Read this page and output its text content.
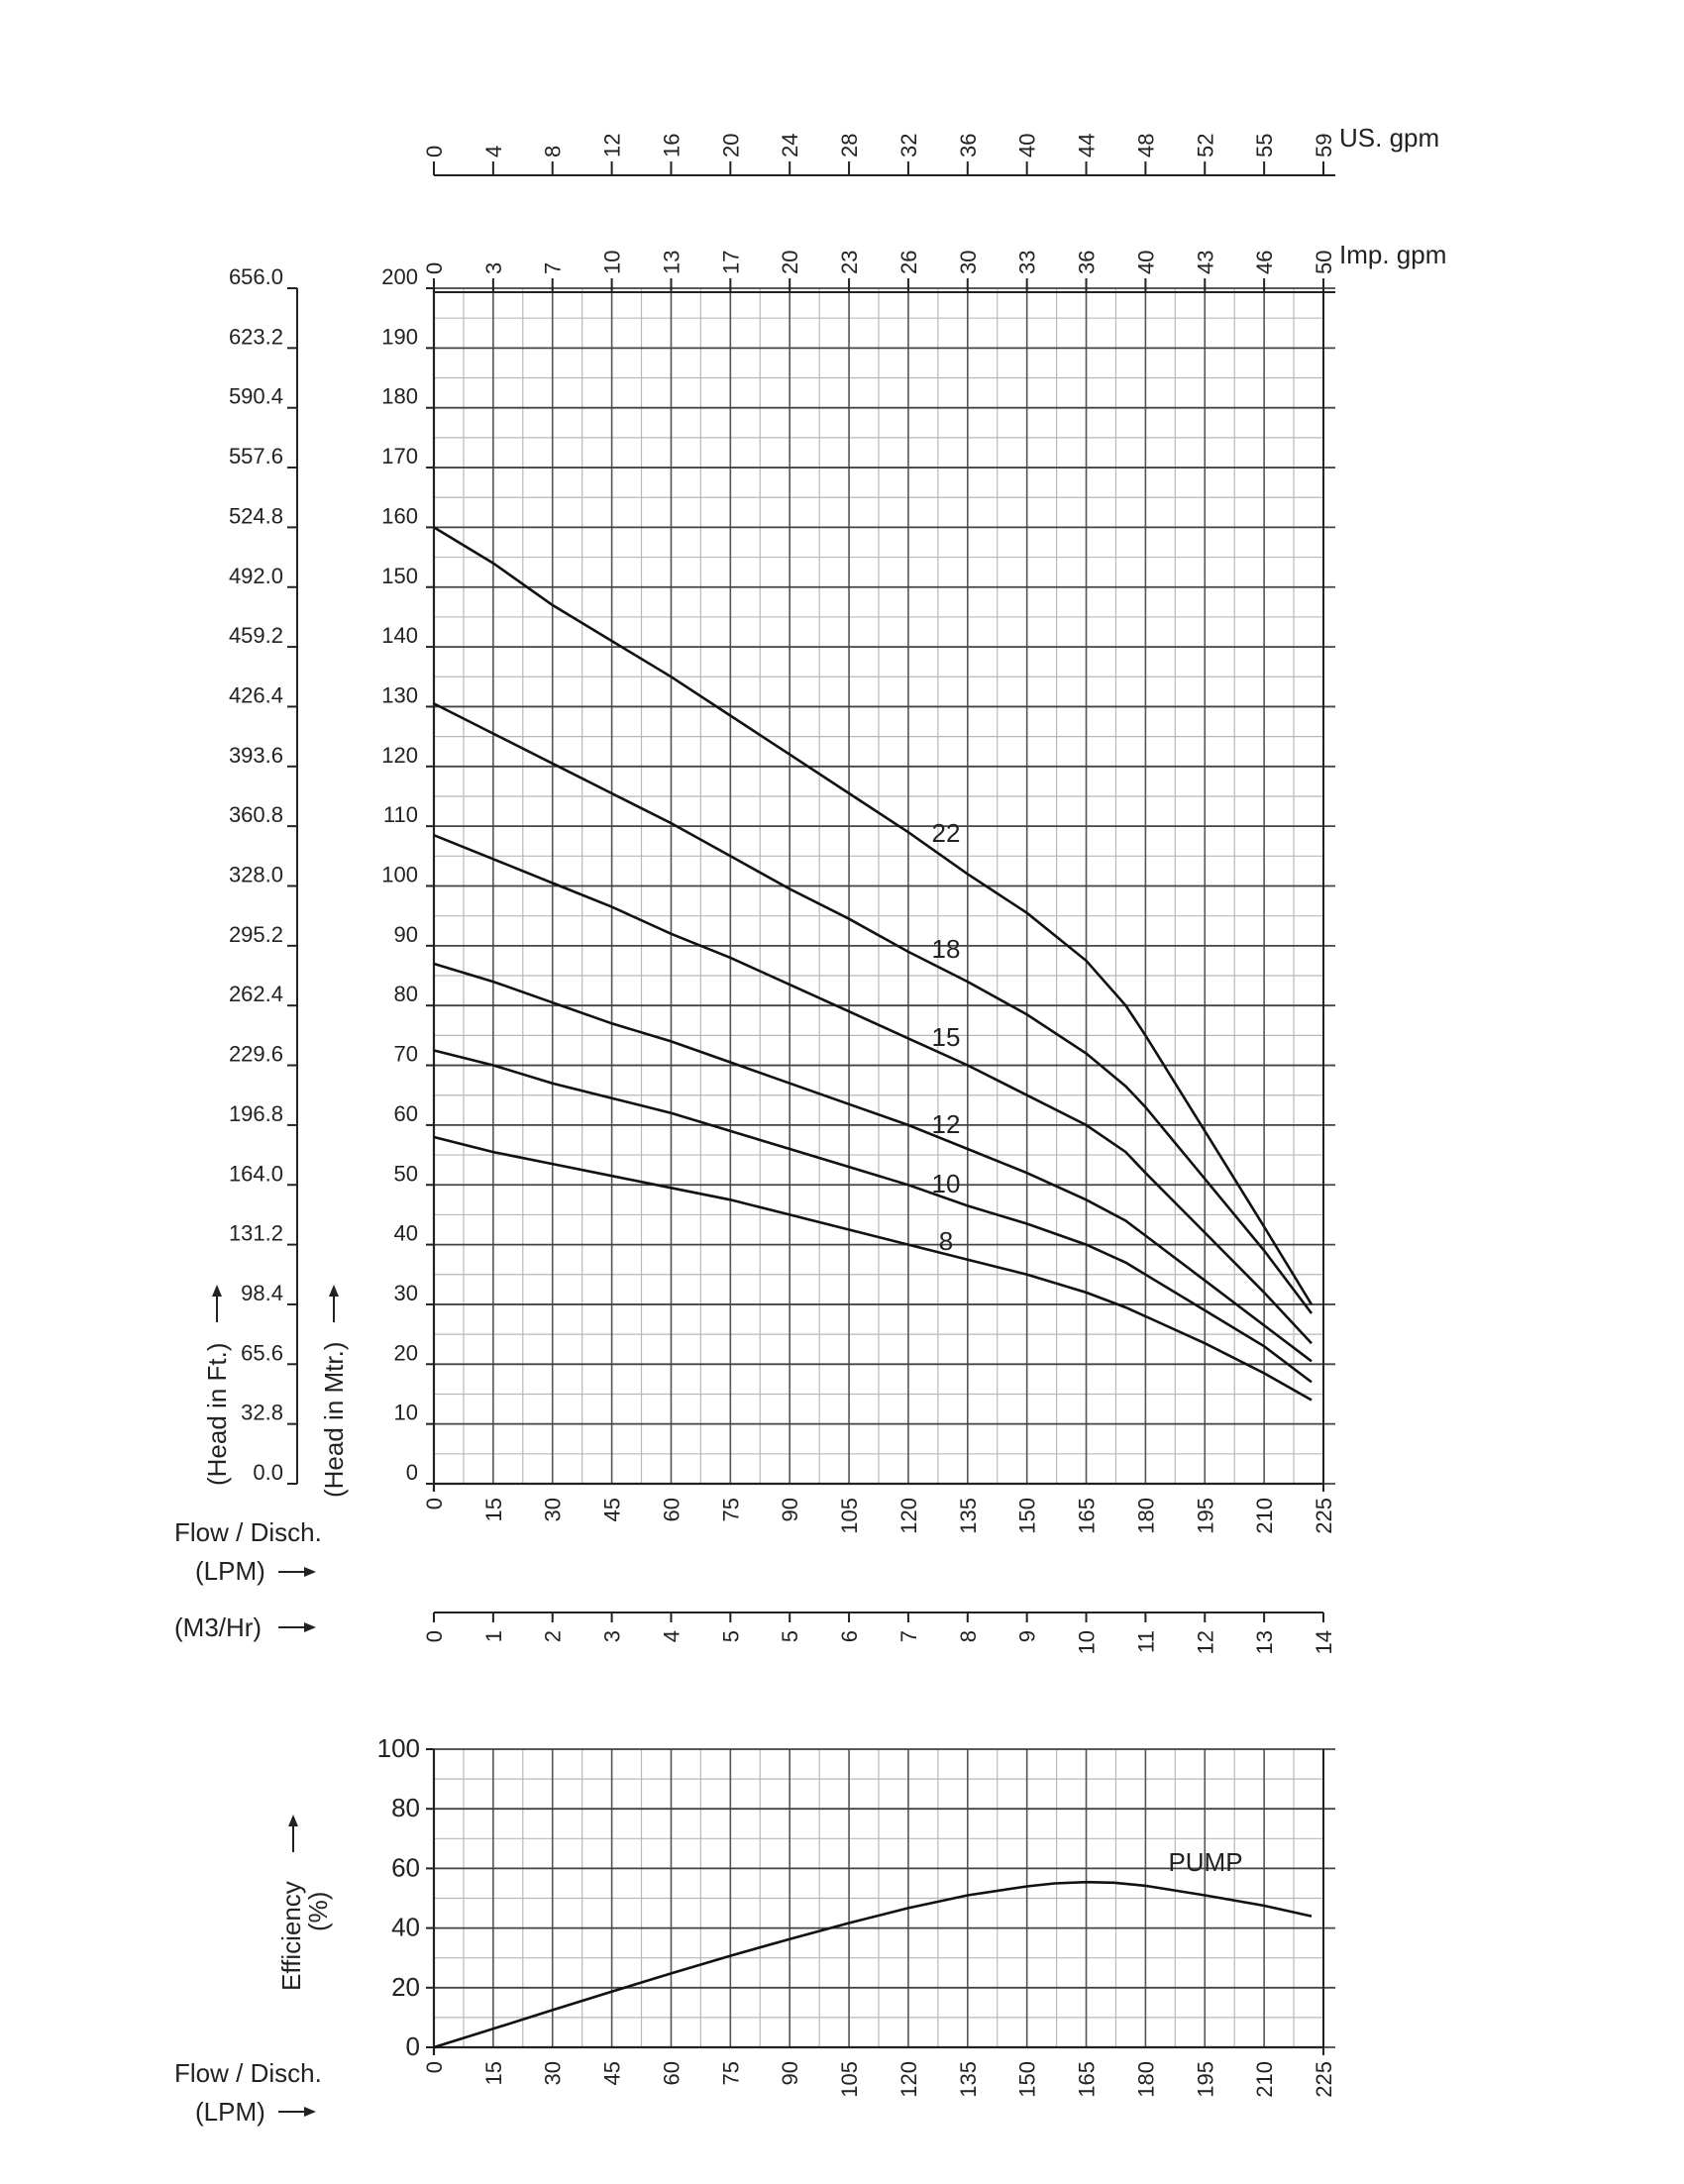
0
10
20
30
40
50
60
70
80
90
100
110
120
130
140
150
160
170
180
190
200
0.0
32.8
65.6
98.4
131.2
164.0
196.8
229.6
262.4
295.2
328.0
360.8
393.6
426.4
459.2
492.0
524.8
557.6
590.4
623.2
656.0
(Head in Ft.)	(Head in Mtr.)
0 15 30 45 60 75 90 105 120 135 150 165 180 195 210 225
Flow / Disch.
(LPM)
0 1 2 3 4 5 5 6 7 8 9 10 11 12 13 14
(M3/Hr)
0 4 8 12 16 20 24 28 32 36 40 44 48 52 55 59 US. gpm
0 3 7 10 13 17 20 23 26 30 33 36 40 43 46 50 Imp. gpm
22
18
15
12
10
8
0
20
40
60
80
100
0 15 30 45 60 75 90 105 120 135 150 165 180 195 210 225
Efficiency
(%)
Flow / Disch.
(LPM)
PUMP
